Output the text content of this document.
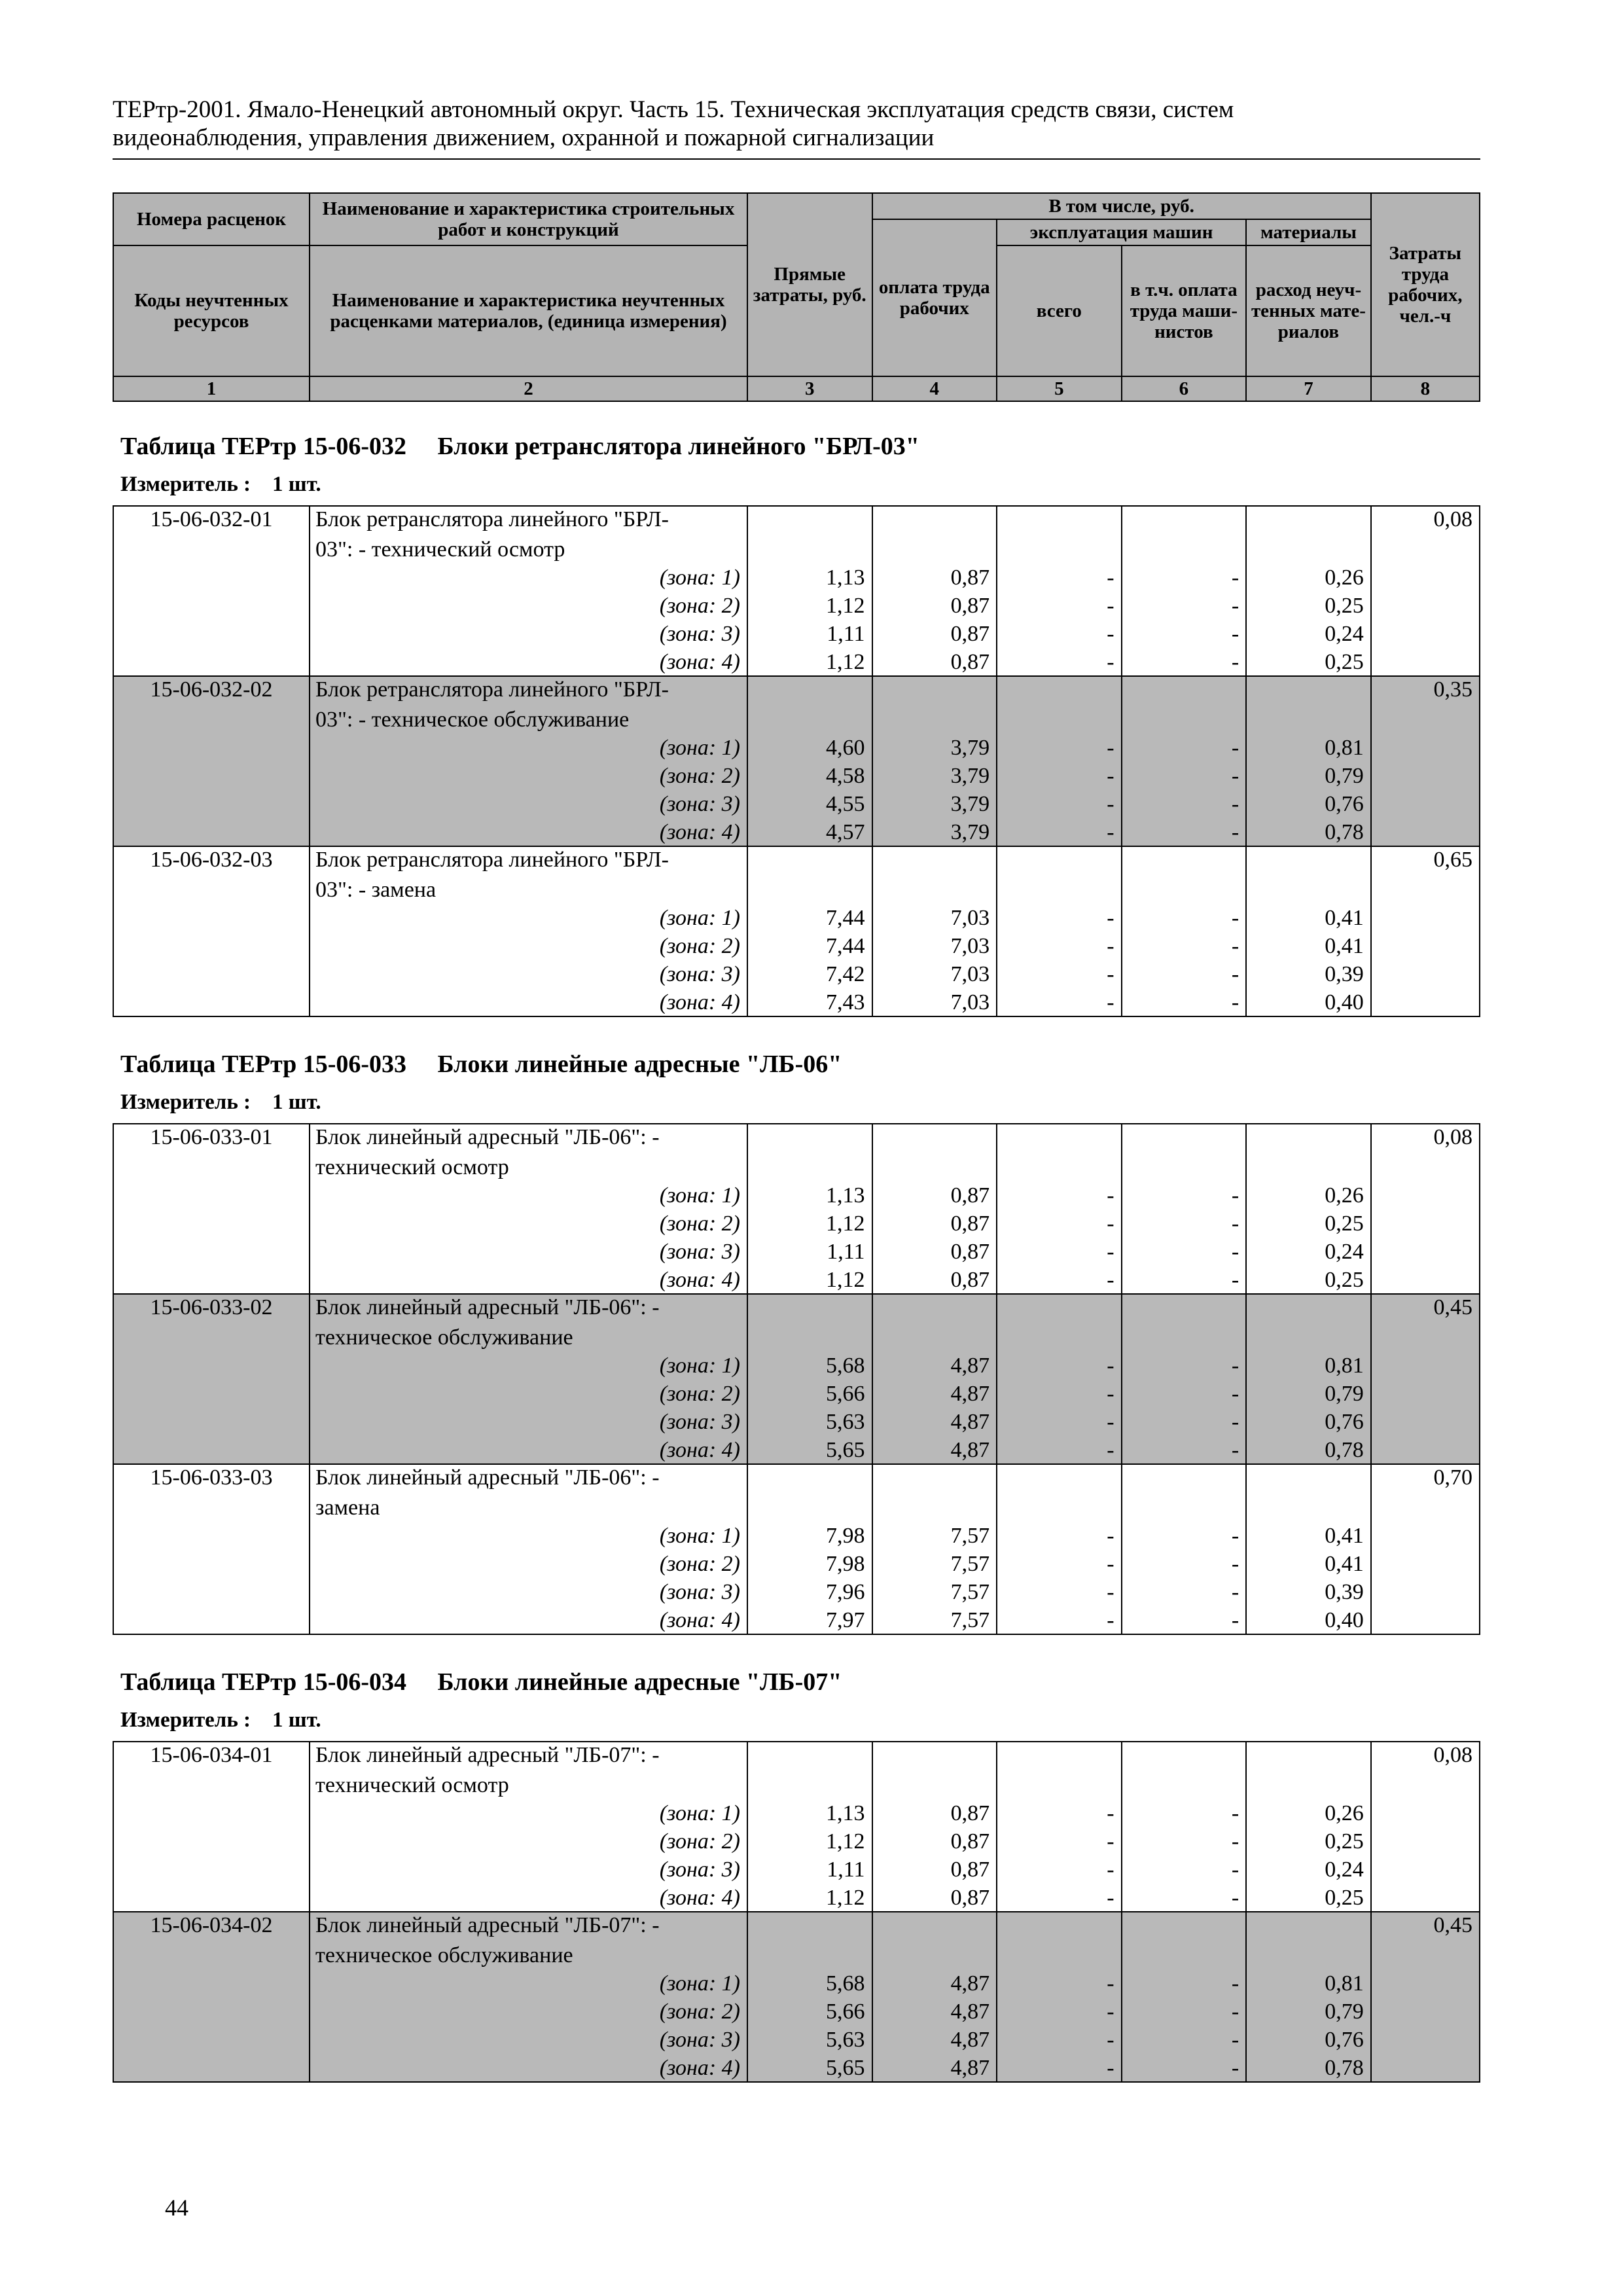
ТЕРтр-2001. Ямало-Ненецкий автономный округ. Часть 15. Техническая эксплуатация средств связи, систем
видеонаблюдения, управления движением, охранной и пожарной сигнализации
Номера расценок	Наименование и характеристика строительных работ и конструкций	Прямые затраты, руб.	В том числе, руб.				Затраты труда рабочих, чел.-ч
			оплата труда рабочих	эксплуатация машин		материалы	
Коды неучтенных ресурсов	Наименование и характеристика неучтенных расценками материалов, (единица измерения)			всего	в т.ч. оплата труда маши-нистов	расход неуч-тенных мате-риалов	
1	2	3	4	5	6	7	8
Таблица ТЕРтр 15-06-032     Блоки ретранслятора линейного "БРЛ-03"
Измеритель :    1 шт.
15-06-032-01	Блок ретранслятора линейного "БРЛ-						0,08
	03": - технический осмотр						
	(зона: 1)	1,13	0,87	-	-	0,26	
	(зона: 2)	1,12	0,87	-	-	0,25	
	(зона: 3)	1,11	0,87	-	-	0,24	
	(зона: 4)	1,12	0,87	-	-	0,25	
15-06-032-02	Блок ретранслятора линейного "БРЛ-						0,35
	03": - техническое обслуживание						
	(зона: 1)	4,60	3,79	-	-	0,81	
	(зона: 2)	4,58	3,79	-	-	0,79	
	(зона: 3)	4,55	3,79	-	-	0,76	
	(зона: 4)	4,57	3,79	-	-	0,78	
15-06-032-03	Блок ретранслятора линейного "БРЛ-						0,65
	03": - замена						
	(зона: 1)	7,44	7,03	-	-	0,41	
	(зона: 2)	7,44	7,03	-	-	0,41	
	(зона: 3)	7,42	7,03	-	-	0,39	
	(зона: 4)	7,43	7,03	-	-	0,40	
Таблица ТЕРтр 15-06-033     Блоки линейные адресные "ЛБ-06"
Измеритель :    1 шт.
15-06-033-01	Блок линейный адресный "ЛБ-06": -						0,08
	технический осмотр						
	(зона: 1)	1,13	0,87	-	-	0,26	
	(зона: 2)	1,12	0,87	-	-	0,25	
	(зона: 3)	1,11	0,87	-	-	0,24	
	(зона: 4)	1,12	0,87	-	-	0,25	
15-06-033-02	Блок линейный адресный "ЛБ-06": -						0,45
	техническое обслуживание						
	(зона: 1)	5,68	4,87	-	-	0,81	
	(зона: 2)	5,66	4,87	-	-	0,79	
	(зона: 3)	5,63	4,87	-	-	0,76	
	(зона: 4)	5,65	4,87	-	-	0,78	
15-06-033-03	Блок линейный адресный "ЛБ-06": -						0,70
	замена						
	(зона: 1)	7,98	7,57	-	-	0,41	
	(зона: 2)	7,98	7,57	-	-	0,41	
	(зона: 3)	7,96	7,57	-	-	0,39	
	(зона: 4)	7,97	7,57	-	-	0,40	
Таблица ТЕРтр 15-06-034     Блоки линейные адресные "ЛБ-07"
Измеритель :    1 шт.
15-06-034-01	Блок линейный адресный "ЛБ-07": -						0,08
	технический осмотр						
	(зона: 1)	1,13	0,87	-	-	0,26	
	(зона: 2)	1,12	0,87	-	-	0,25	
	(зона: 3)	1,11	0,87	-	-	0,24	
	(зона: 4)	1,12	0,87	-	-	0,25	
15-06-034-02	Блок линейный адресный "ЛБ-07": -						0,45
	техническое обслуживание						
	(зона: 1)	5,68	4,87	-	-	0,81	
	(зона: 2)	5,66	4,87	-	-	0,79	
	(зона: 3)	5,63	4,87	-	-	0,76	
	(зона: 4)	5,65	4,87	-	-	0,78	
44
